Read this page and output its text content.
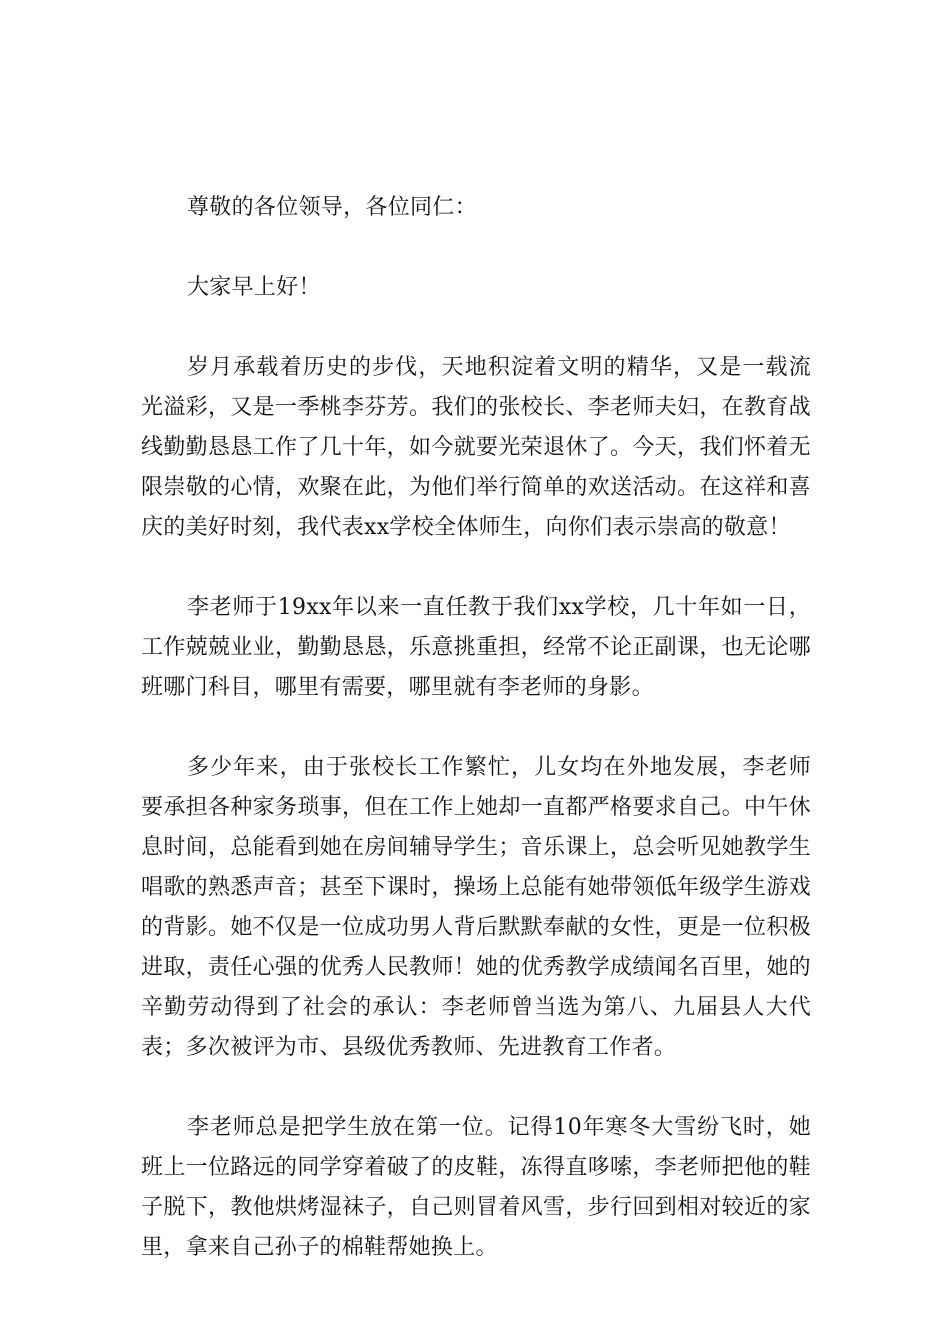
尊敬的各位领导，各位同仁：

大家早上好！

岁月承载着历史的步伐，天地积淀着文明的精华，又是一载流光溢彩，又是一季桃李芬芳。我们的张校长、李老师夫妇，在教育战线勤勤恳恳工作了几十年，如今就要光荣退休了。今天，我们怀着无限崇敬的心情，欢聚在此，为他们举行简单的欢送活动。在这祥和喜庆的美好时刻，我代表xx学校全体师生，向你们表示崇高的敬意！

李老师于19xx年以来一直任教于我们xx学校，几十年如一日，工作兢兢业业，勤勤恳恳，乐意挑重担，经常不论正副课，也无论哪班哪门科目，哪里有需要，哪里就有李老师的身影。

多少年来，由于张校长工作繁忙，儿女均在外地发展，李老师要承担各种家务琐事，但在工作上她却一直都严格要求自己。中午休息时间，总能看到她在房间辅导学生；音乐课上，总会听见她教学生唱歌的熟悉声音；甚至下课时，操场上总能有她带领低年级学生游戏的背影。她不仅是一位成功男人背后默默奉献的女性，更是一位积极进取，责任心强的优秀人民教师！她的优秀教学成绩闻名百里，她的辛勤劳动得到了社会的承认：李老师曾当选为第八、九届县人大代表；多次被评为市、县级优秀教师、先进教育工作者。

李老师总是把学生放在第一位。记得10年寒冬大雪纷飞时，她班上一位路远的同学穿着破了的皮鞋，冻得直哆嗦，李老师把他的鞋子脱下，教他烘烤湿袜子，自己则冒着风雪，步行回到相对较近的家里，拿来自己孙子的棉鞋帮她换上。
